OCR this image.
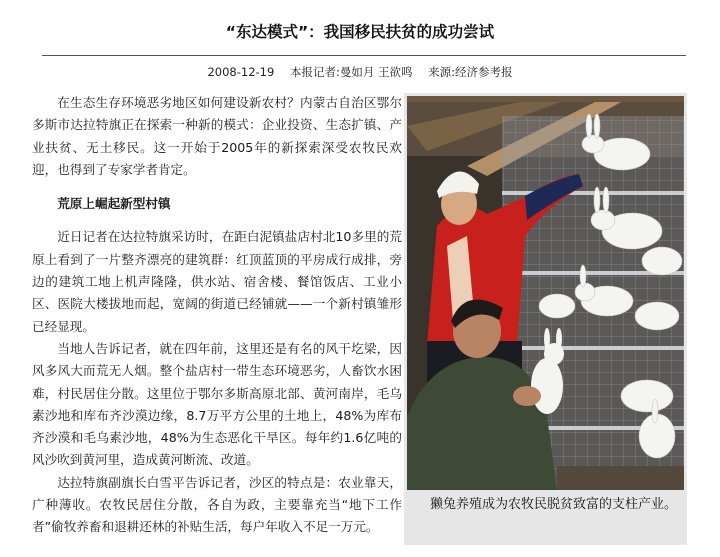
“东达模式”：我国移民扶贫的成功尝试
2008-12-19 本报记者:曼如月 王欲鸣 来源:经济参考报

在生态生存环境恶劣地区如何建设新农村？内蒙古自治区鄂尔多斯市达拉特旗正在探索一种新的模式：企业投资、生态扩镇、产业扶贫、无土移民。这一开始于2005年的新探索深受农牧民欢迎，也得到了专家学者肯定。

荒原上崛起新型村镇

近日记者在达拉特旗采访时，在距白泥镇盐店村北10多里的荒原上看到了一片整齐漂亮的建筑群：红顶蓝顶的平房成行成排，旁边的建筑工地上机声隆隆，供水站、宿舍楼、餐馆饭店、工业小区、医院大楼拔地而起，宽阔的街道已经铺就——一个新村镇雏形已经显现。

当地人告诉记者，就在四年前，这里还是有名的风干圪梁，因风多风大而荒无人烟。整个盐店村一带生态环境恶劣，人畜饮水困难，村民居住分散。这里位于鄂尔多斯高原北部、黄河南岸，毛乌素沙地和库布齐沙漠边缘，8.7万平方公里的土地上，48%为库布齐沙漠和毛乌素沙地，48%为生态恶化干旱区。每年约1.6亿吨的风沙吹到黄河里，造成黄河断流、改道。

达拉特旗副旗长白雪平告诉记者，沙区的特点是：农业靠天，广种薄收。农牧民居住分散，各自为政，主要靠充当“地下工作者”偷牧养畜和退耕还林的补贴生活，每户年收入不足一万元。

獭兔养殖成为农牧民脱贫致富的支柱产业。
